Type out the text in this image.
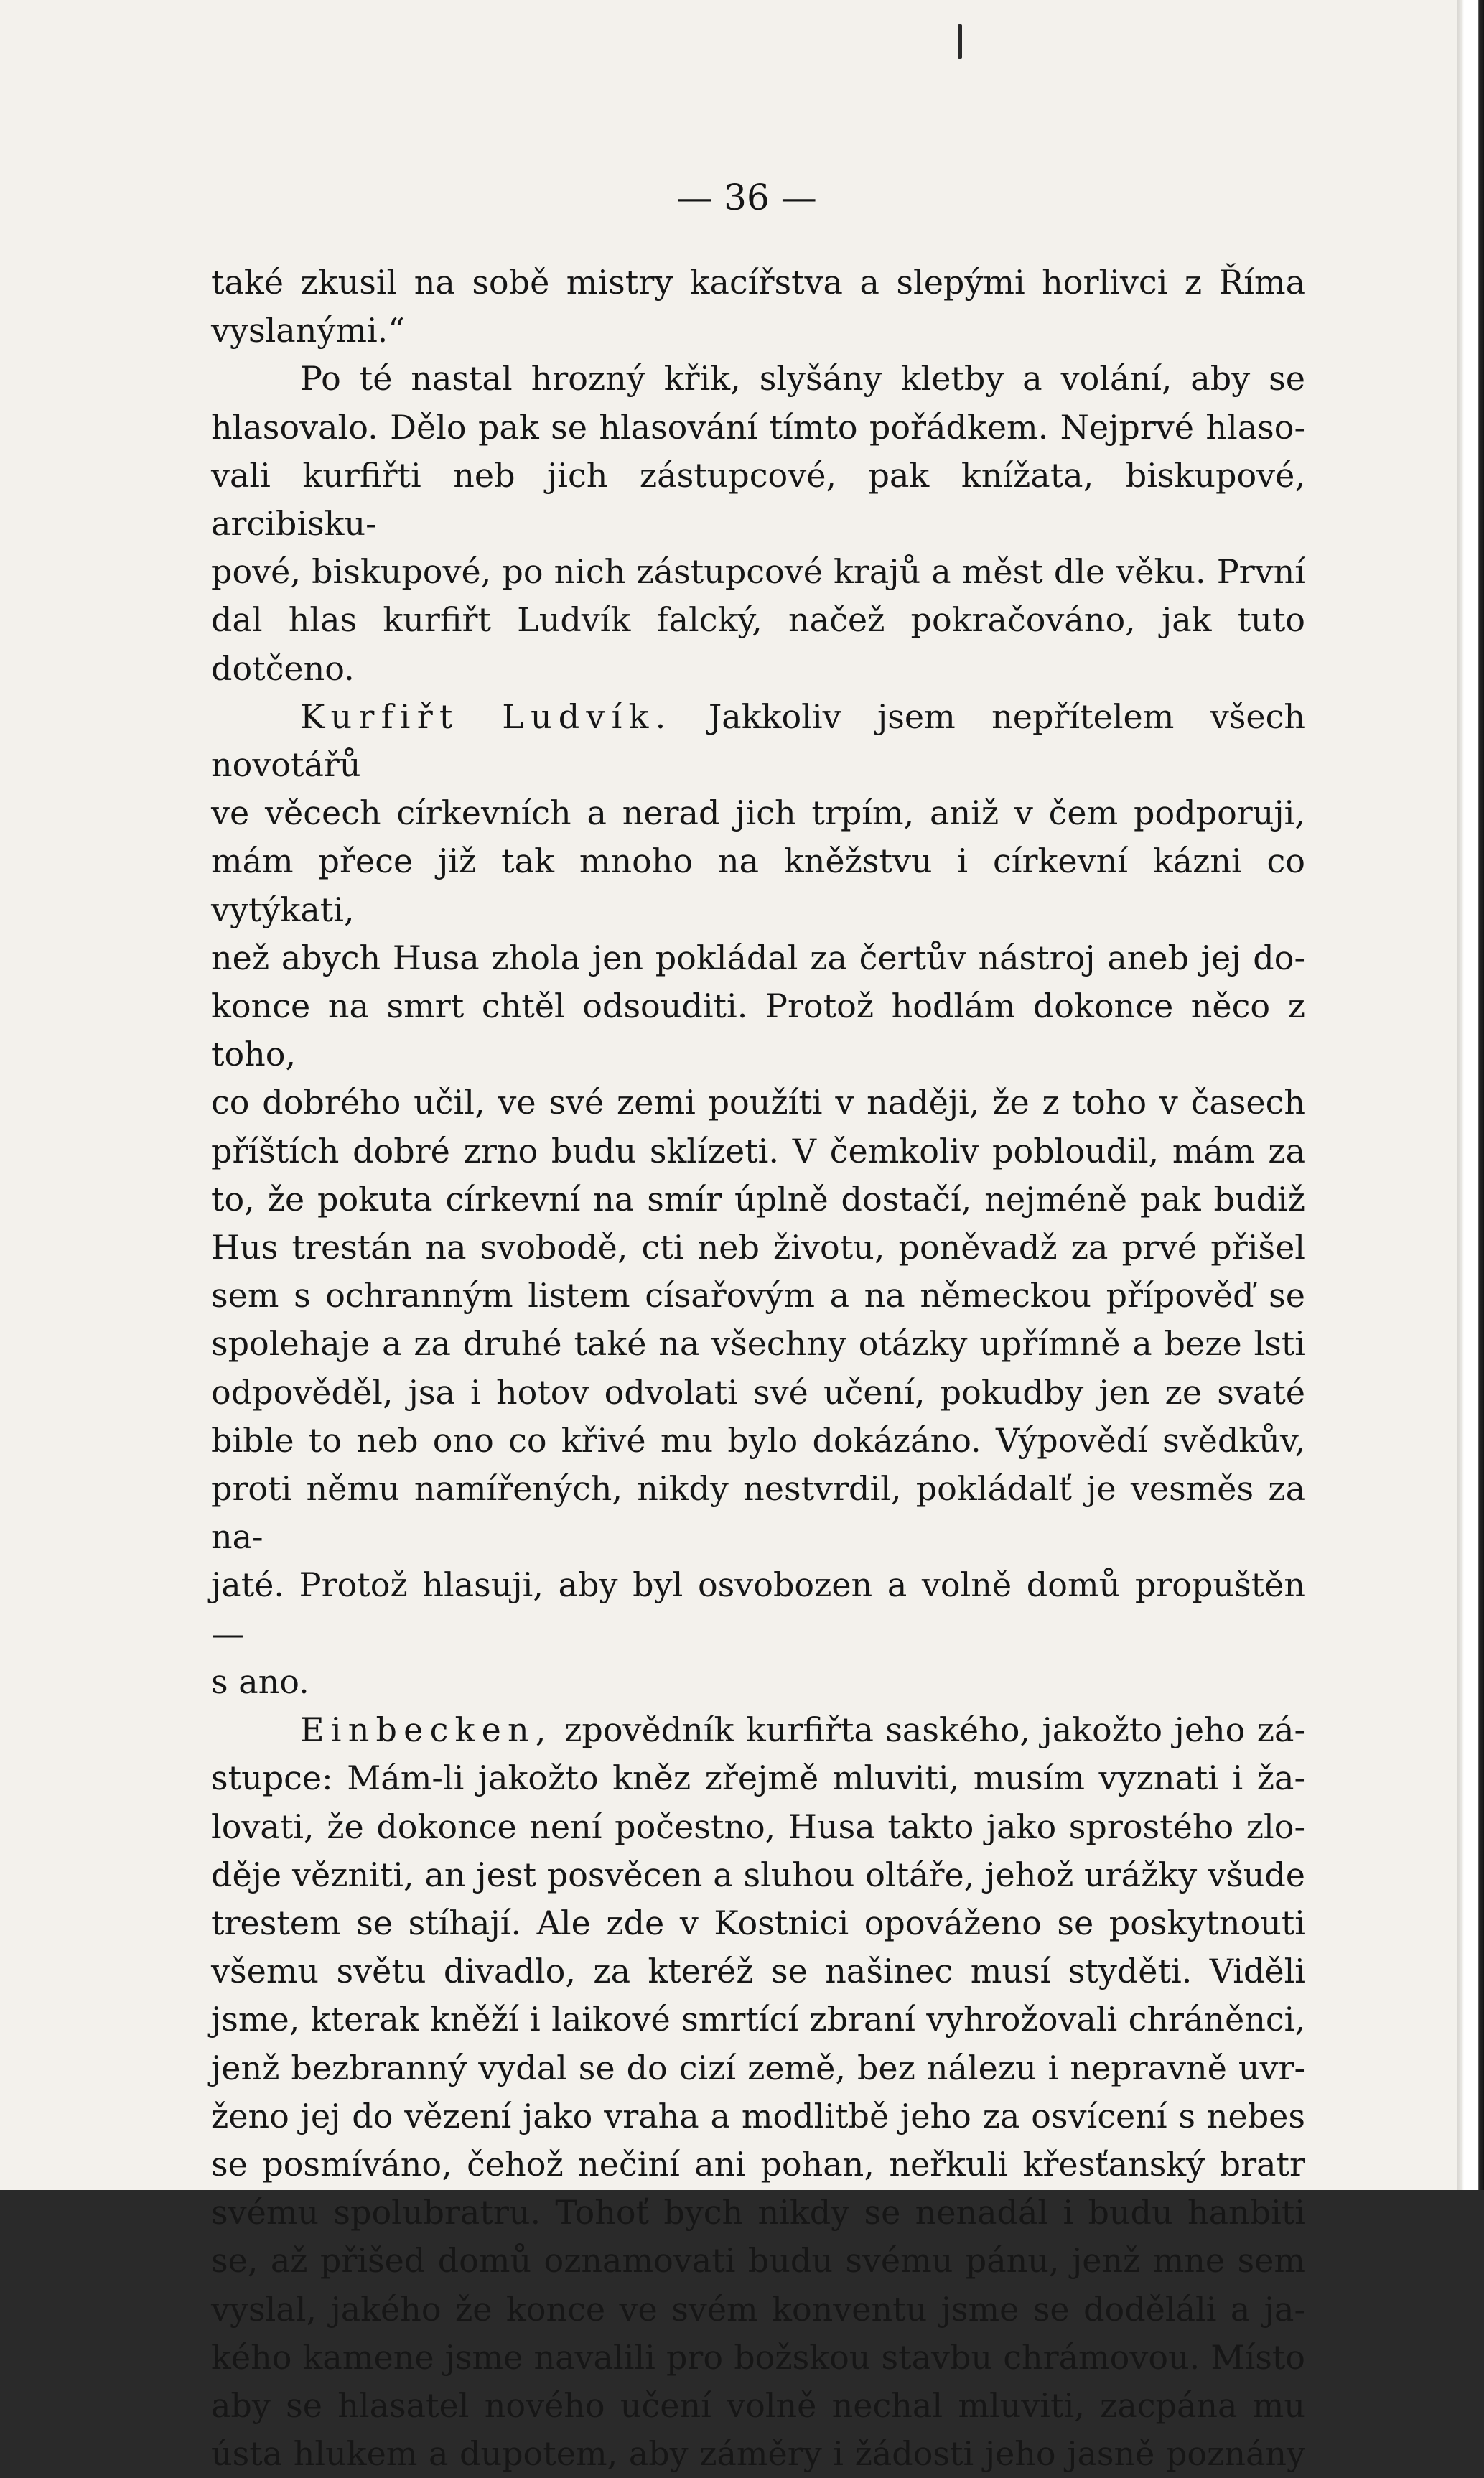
— 36 —

také zkusil na sobě mistry kacířstva a slepými horlivci z Říma

vyslanými.“

Po té nastal hrozný křik, slyšány kletby a volání, aby se

hlasovalo. Dělo pak se hlasování tímto pořádkem. Nejprvé hlaso-

vali kurfiřti neb jich zástupcové, pak knížata, biskupové, arcibisku-

pové, biskupové, po nich zástupcové krajů a měst dle věku. První

dal hlas kurfiřt Ludvík falcký, načež pokračováno, jak tuto dotčeno.

Kurfiřt Ludvík. Jakkoliv jsem nepřítelem všech novotářů

ve věcech církevních a nerad jich trpím, aniž v čem podporuji,

mám přece již tak mnoho na kněžstvu i církevní kázni co vytýkati,

než abych Husa zhola jen pokládal za čertův nástroj aneb jej do-

konce na smrt chtěl odsouditi. Protož hodlám dokonce něco z toho,

co dobrého učil, ve své zemi použíti v naději, že z toho v časech

příštích dobré zrno budu sklízeti. V čemkoliv pobloudil, mám za

to, že pokuta církevní na smír úplně dostačí, nejméně pak budiž

Hus trestán na svobodě, cti neb životu, poněvadž za prvé přišel

sem s ochranným listem císařovým a na německou přípověď se

spolehaje a za druhé také na všechny otázky upřímně a beze lsti

odpověděl, jsa i hotov odvolati své učení, pokudby jen ze svaté

bible to neb ono co křivé mu bylo dokázáno. Výpovědí svědkův,

proti němu namířených, nikdy nestvrdil, pokládalť je vesměs za na-

jaté. Protož hlasuji, aby byl osvobozen a volně domů propuštěn —

s ano.

Einbecken, zpovědník kurfiřta saského, jakožto jeho zá-

stupce: Mám-li jakožto kněz zřejmě mluviti, musím vyznati i ža-

lovati, že dokonce není počestno, Husa takto jako sprostého zlo-

děje vězniti, an jest posvěcen a sluhou oltáře, jehož urážky všude

trestem se stíhají. Ale zde v Kostnici opováženo se poskytnouti

všemu světu divadlo, za kteréž se našinec musí styděti. Viděli

jsme, kterak kněží i laikové smrtící zbraní vyhrožovali chráněnci,

jenž bezbranný vydal se do cizí země, bez nálezu i nepravně uvr-

ženo jej do vězení jako vraha a modlitbě jeho za osvícení s nebes

se posmíváno, čehož nečiní ani pohan, neřkuli křesťanský bratr

svému spolubratru. Tohoť bych nikdy se nenadál i budu hanbiti

se, až přišed domů oznamovati budu svému pánu, jenž mne sem

vyslal, jakého že konce ve svém konventu jsme se doděláli a ja-

kého kamene jsme navalili pro božskou stavbu chrámovou. Místo

aby se hlasatel nového učení volně nechal mluviti, zacpána mu

ústa hlukem a dupotem, aby záměry i žádosti jeho jasně poznány
